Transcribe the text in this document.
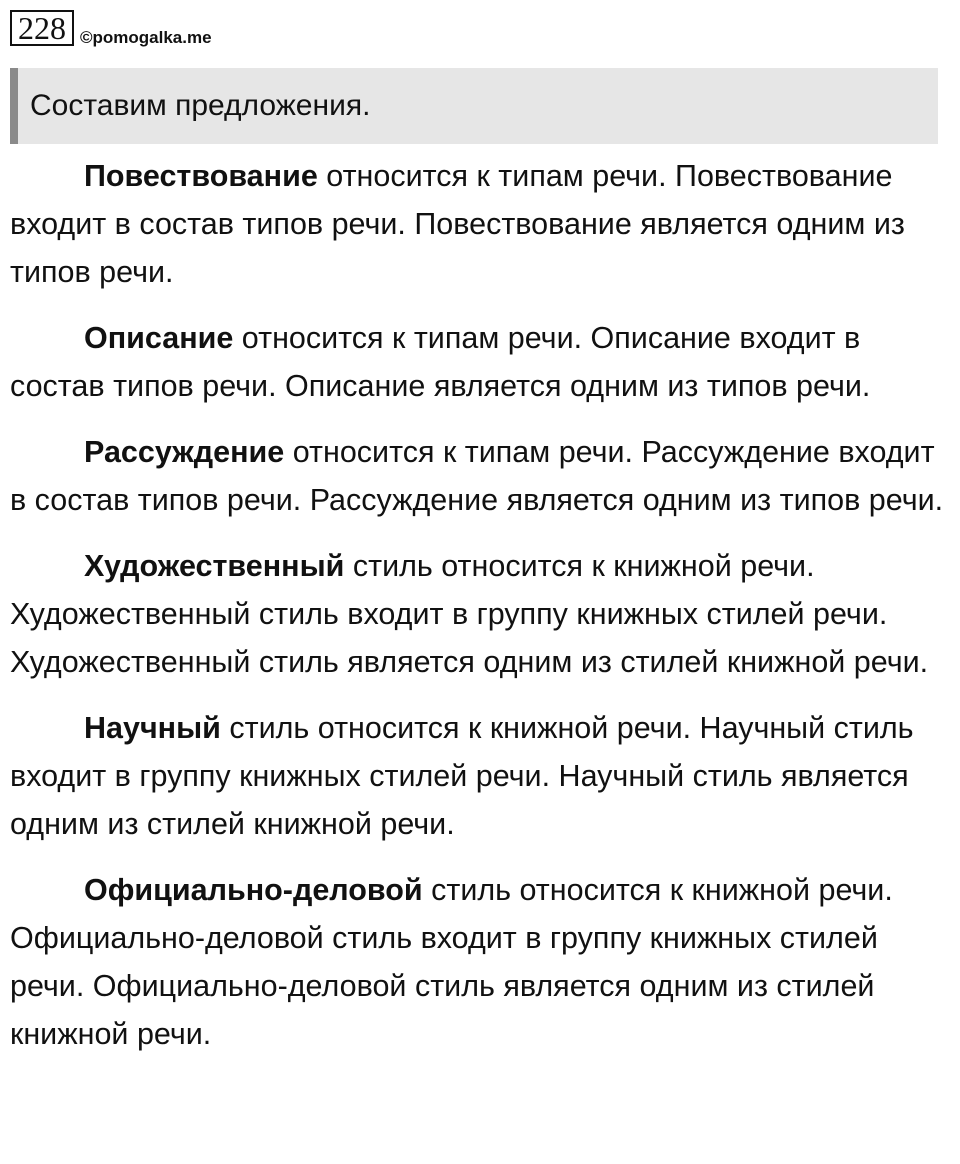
228 ©pomogalka.me
Составим предложения.

Повествование относится к типам речи. Повествование входит в состав типов речи. Повествование является одним из типов речи.

Описание относится к типам речи. Описание входит в состав типов речи. Описание является одним из типов речи.

Рассуждение относится к типам речи. Рассуждение входит в состав типов речи. Рассуждение является одним из типов речи.

Художественный стиль относится к книжной речи. Художественный стиль входит в группу книжных стилей речи. Художественный стиль является одним из стилей книжной речи.

Научный стиль относится к книжной речи. Научный стиль входит в группу книжных стилей речи. Научный стиль является одним из стилей книжной речи.

Официально-деловой стиль относится к книжной речи. Официально-деловой стиль входит в группу книжных стилей речи. Официально-деловой стиль является одним из стилей книжной речи.
